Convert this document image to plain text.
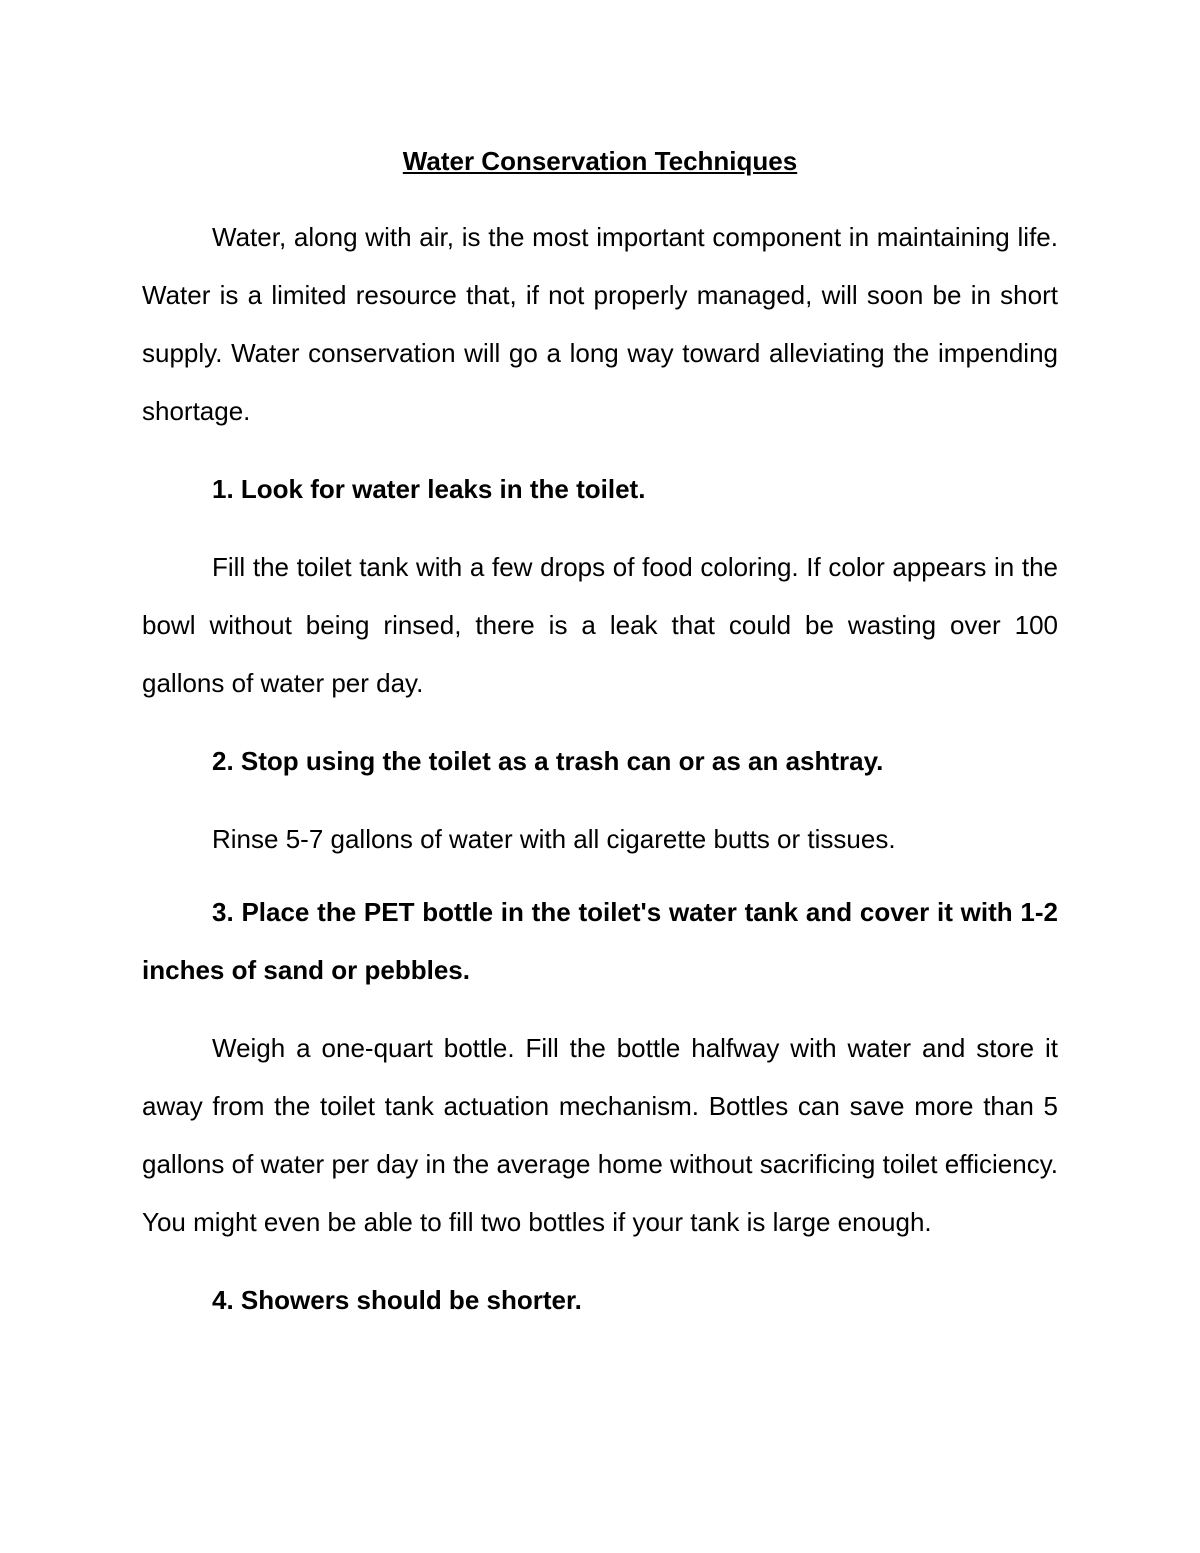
Water Conservation Techniques

Water, along with air, is the most important component in maintaining life. Water is a limited resource that, if not properly managed, will soon be in short supply. Water conservation will go a long way toward alleviating the impending shortage.

1. Look for water leaks in the toilet.

Fill the toilet tank with a few drops of food coloring. If color appears in the bowl without being rinsed, there is a leak that could be wasting over 100 gallons of water per day.

2. Stop using the toilet as a trash can or as an ashtray.

Rinse 5-7 gallons of water with all cigarette butts or tissues.

3. Place the PET bottle in the toilet's water tank and cover it with 1-2 inches of sand or pebbles.

Weigh a one-quart bottle. Fill the bottle halfway with water and store it away from the toilet tank actuation mechanism. Bottles can save more than 5 gallons of water per day in the average home without sacrificing toilet efficiency. You might even be able to fill two bottles if your tank is large enough.

4. Showers should be shorter.
